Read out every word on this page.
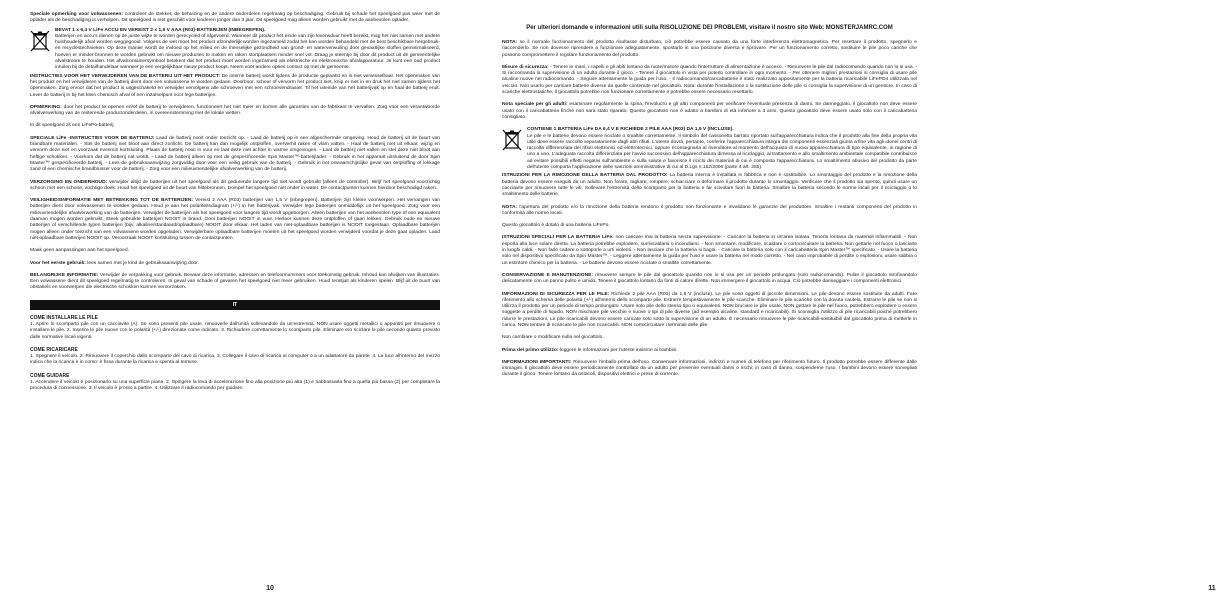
Speciale opmerking voor volwassenen: controleer de stekker, de behuizing en de andere onderdelen regelmatig op beschadiging. Gebruik bij schade het speelgoed pas weer met de oplader als de beschadiging is verholpen. Dit speelgoed is niet geschikt voor kinderen jonger dan 3 jaar. Dit speelgoed mag alleen worden gebruikt met de aanbevolen oplader.

BEVAT 1 x 6,4 V LiFe ACCU EN VEREIST 2 x 1,5 V AAA (R03)-BATTERIJEN (INBEGREPEN).

Batterijen en accu's dienen op de juiste wijze te worden gerecycled of afgevoerd. Wanneer dit product het einde van zijn levensduur heeft bereikt, mag het niet samen met andere huishoudelijk afval worden weggegooid. Volgens de wet moet het product afzonderlijk worden ingezameld zodat het kan worden behandeld met de best beschikbare hergebruik- en recyclestechnieken. Op deze manier wordt de invloed op het milieu en de menselijke gezondheid van grond- en waterverwuiling door gevaarlijke stoffen geminimaliseerd, hoeven er minder bronnen te worden gebruikt om nieuwe producten te maken en raken stortplaatsen minder snel vol. Draag je steentje bij door dit product uit de gemeentelijke afvalstroom te houden. Het afvalcontainersymbool betekent dat het product moet worden ingezameld als elektrische en elektronische afvalapparatuur. Je kunt een oud product inruilen bij de detailhandelaar wanneer je een vergelijkbaar nieuw product koopt. Neem voor andere opties contact op met de gemeente.

INSTRUCTIES VOOR HET VERWIJDEREN VAN DE BATTERIJ UIT HET PRODUCT: De interne batterij wordt tijdens de productie geplaatst en is niet verwisselbaar. Het openmaken van het product en het verwijderen van de batterij dient door een volwassene te worden gedaan. Doorboor, scheur of vervorm het product niet, knip er niet in en druk het niet samen tijdens het openmaken. Zorg ervoor dat het product is uitgeschakeld en verwijder vervolgens alle schroeven met een schroevendraaier. Til het uiteinde van het batterijvak op en haal de batterij eruit. Lever de batterij in bij het klein chemisch afval of een inzamelpunt voor lege batterijen.

OPMERKING: door het product te openen en/of de batterij te verwijderen, functioneert het niet meer en komen alle garanties van de fabrikant te vervallen. Zorg voor een verantwoorde afvalverwerking van de resterende productonderdelen, in overeenstemming met de lokale wetten.

In dit speelgoed zit een LiFePo-batterij.

SPECIALE LiFe -INSTRUCTIES VOOR DE BATTERIJ: Laad de batterij nooit onder toezicht op. - Laad de batterij op in een afgeschermde omgeving. Houd de batterij uit de buurt van brandbare materialen. - Stel de batterij niet bloot aan direct zonlicht. De batterij kan dan mogelijk ontploffen, oververhit raken of vlam vatten. - Haal de batterij niet uit elkaar, wijzig en vervorm deze niet en voorzaak evenmin kortsluiting. Plaats de batterij nooit in vuur en laat deze niet achter in warme omgevingen. - Laat de batterij niet vallen en stel deze niet bloot aan heftige schokken. - Voorkom dat de batterij nat wordt. - Laad de batterij alleen op met de gespecificeerde Spin Master™-batterijlader. - Gebruik in het apparaat uitsluitend de door Spin Master™ gespecificeerde batterij. - Lees de gebruiksaanwijzing zorgvuldig door voor een veilig gebruik van de batterij. - Gebruik in het onwaarschijnlijke geval van ontploffing of lekkage zand of een chemische brandblusser voor de batterij. - Zorg voor een milieuvriendelijke afvalverwerking van de batterij.

VERZORGING EN ONDERHOUD: verwijder altijd de batterijen uit het speelgoed als dit gedurende langere tijd niet wordt gebruikt (alleen de controller). Wrijf het speelgoed voorzichtig schoon met een schone, vochtige doek. Houd het speelgoed uit de buurt van hittebronnen. Dompel het speelgoed niet onder in water. De contactpunten kunnen hierdoor beschadigd raken.

VEILIGHEIDSINFORMATIE MET BETREKKING TOT DE BATTERIJEN: Vereist 2 AAA (R03) batterijen van 1,5 V (inbegrepen). Batterijen zijn kleine voorwerpen. Het vervangen van batterijen dient door volwassenen te worden gedaan. Houd je aan het polariteitsdiagram (+/-) in het batterijvak. Verwijder lege batterijen onmiddellijk uit het speelgoed. Zorg voor een milieuvriendelijke afvalverwerking van de batterijen. Verwijder de batterijen als het speelgoed voor langere tijd wordt opgeborgen. Alleen batterijen van het aanbevolen type of een equivalent daarvan mogen worden gebruikt. Steek gebruikte batterijen NOOIT in brand. Gooi batterijen NOOIT in vuur. Herlaor kunnen deze ontploffen of gaan lekken. Gebruik oude en nieuwe batterijen of verschillende typen batterijen (bijv. alkaline/standaard/oplaadbare) NOOIT door elkaar. Het laden van niet-oplaadbare batterijen is NOOIT toegestaan. Oplaadbare batterijen mogen alleen onder toezicht van een volwassene worden opgeladen. Verwijderbare oplaadbare batterijen moeten uit het speelgoed worden verwijderd voordat je deze gaat opladen. Laad niet-oplaadbare batterijen NOOIT op. Veroorzaak NOOIT kortsluiting tussen de contactpunten.

Maak geen aanpassingen aan het speelgoed.

Voor het eerste gebruik: lees samen met je kind de gebruiksaanwijzing door.

BELANGRIJKE INFORMATIE: Verwijder de verpakking voor gebruik. Bewaar deze informatie, adressen en telefoonnummers voor toekomstig gebruik. Inhoud kan afwijken van illustraties. Een volwassene dient dit speelgoed regelmatig te controleren. In geval van schade of gevaren het speelgoed niet meer gebruiken. Houd teostjuit als kinderen spelen. Blijf uit de buurt van obstakels en voorwerpen die electrische schokken kunnen veroorzaken.

IT
COME INSTALLARE LE PILE

1. Aprire lo scomparto pile con un cacciavite (A). Se sono presenti pile usate, rimuoverle dall'unità sollevandole da un'estremità. NON usare oggetti metallici o appuntiti per rimuovere o installare le pile. 2. Inserire le pile nuove con le polarità (+/-) direzionate come indicato. 3. Richiudere correttamente lo scomparto pile. Eliminare e/o riciclare le pile secondo quanto previsto dalle normative locali vigenti.

COME RICARICARE

1. Spegnere il veicolo. 2. Rimuovere il coperchio dallo scomparto del cavo di ricarica. 3. Collegare il cavo di ricarica al computer o a un adattatore da parete. 4. La luce all'interno del mezzo indica che la ricarica è in corso: è fissa durante la ricarica e spenta al termine.

COME GUIDARE

1. Accendere il veicolo e posizionarlo su una superficie piana. 2. Spingere la leva di accelerazione fino alla posizione più alta (1) e riabbassarla fino a quella più bassa (2) per completare la procedura di connessione. 3. Il veicolo è pronto a partire. 4. Utilizzare il radiocomando per guidare.

10
Per ulteriori domande e informazioni utili sulla RISOLUZIONE DEI PROBLEMI, visitare il nostro sito Web: MONSTERJAMRC.COM

NOTA: se il normale funzionamento del prodotto risultasse disturbato, ciò potrebbe essere causato da una forte interferenza elettromagnetica. Per resettare il prodotto, spegnerlo e riaccenderlo. Se non dovesse riprendere a funzionare adeguatamente, spostarlo in una posizione diversa e riprovare. Per un funzionamento corretto, sostituire le pile poco cariche che possono compromettere il regolare funzionamento del prodotto.

Misure di sicurezza: - Tenere le mani, i capelli e gli abiti lontano da ruote/motore quando l'interruttore di alimentazione è acceso. - Rimuovere le pile dal radiocomando quando non lo si usa. - Si raccomanda la supervisione di un adulto durante il gioco. - Tenere il giocattolo in vista per poterlo controllare in ogni momento. - Per ottenere migliori prestazioni si consiglia di usare pile alcaline nuove nel radiocomando. - Seguire attentamente la guida per l'uso. - Il radiocomando/caricabatterie è stato realizzato appositamente per la batteria ricaricabile LiFePO4 utilizzata nel veicolo. Non usarlo per caricare batterie diverse da quelle contenute nel giocattolo. Nota: durante l'installazione o la sostituzione delle pile si consiglia la supervisione di un genitore. In caso di scariche elettrostatiche, il giocattolo potrebbe non funzionare correttamente e potrebbe essere necessario resettarlo.

Nota speciale per gli adulti: esaminare regolarmente la spina, l'involucro e gli altri componenti per verificare l'eventuale presenza di danni. Se danneggiato, il giocattolo non deve essere usato con il caricabatteria finché non sarà stato riparato. Questo giocattolo non è adatto a bambini di età inferiore a 3 anni. Questo giocattolo deve essere usato solo con il caricabatteria consigliato.

CONTIENE 1 BATTERIA LiFe DA 6,4 V E RICHIEDE 2 PILE AAA (R03) DA 1,5 V (INCLUSE).

Le pile e le batterie devono essere riciclate o smaltite correttamente. Il simbolo del cassonetto barrato riportato sull'apparecchiatura indica che il prodotto alla fine della propria vita utile deve essere raccolto separatamente dagli altri rifiuti. L'utente dovrà, pertanto, conferire l'apparecchiatura integra dei componenti essenziali giunta a fine vita agli idonei centri di raccolta differenziata dei rifiuti elettronici ed elettrotecnici, oppure riconsegnarla al rivenditore al momento dell'acquisto di nuova apparecchiatura di tipo equivalente, in ragione di uno a uno. L'adeguata raccolta differenziata per l'avvio successivo dell'apparecchiatura dimessa al riciclaggio, al trattamento e allo smaltimento ambientale compatibile contribuisce ad evitare possibili effetti negativi sull'ambiente e sulla salute e favorisce il riciclo dei materiali di cui è composta l'apparecchiatura. Lo smaltimento abusivo del prodotto da parte dell'utente comporta l'applicazione delle sanzioni amministrative di cui al D.Lgs n.152/2006 (parte 4 art. 255).

ISTRUZIONI PER LA RIMOZIONE DELLA BATTERIA DAL PRODOTTO: La batteria interna è installata in fabbrica e non è sostituibile. Lo smontaggio del prodotto e la rimozione della batteria devono essere eseguiti da un adulto. Non forare, tagliare, rompere, schiacciare o deformare il prodotto durante lo smontaggio. Verificare che il prodotto sia spento, quindi usare un cacciavite per rimuovere tutte le viti. Sollevare l'estremità dello scomparto per la batteria e far scivolare fuori la batteria. Smaltire la batteria secondo le norme locali per il riciclaggio o lo smaltimento delle batterie.

NOTA: l'apertura del prodotto e/o la rimozione della batteria rendono il prodotto non funzionante e invalidano le garanzie del produttore. Smaltire i restanti componenti del prodotto in conformità alle norme locali.

Questo giocattolo è dotato di una batteria LiFePo.

ISTRUZIONI SPECIALI PER LA BATTERIA LiFe: non caricare mai la batteria senza supervisione. - Caricare la batteria in un'area isolata. Tenerla lontana da materiali infiammabili. - Non esporla alla luce solare diretta. La batteria potrebbe esplodere, surriscaldarsi o incendiarsi. - Non smontare, modificare, scaldare o cortocircuitare la batteria. Non gettarle nel fuoco o lasciarle in luoghi caldi. - Non farle cadere o sottoporle a urti violenti. - Non lasciare che la batteria si bagni. - Caricare la batteria solo con il caricabatteria Spin Master™ specificato. - Usare la batteria solo nel dispositivo specificato da Spin Master™. - Leggere attentamente la guida per l'uso e usare la batteria nel modo corretto. - Nel caso improbabile di perdite o esplosioni, usare sabbia o un estintore chimico per la batteria. - Le batterie devono essere riciclate o smaltite correttamente.

CONSERVAZIONE E MANUTENZIONE: rimuovere sempre le pile dal giocattolo quando non lo si usa per un periodo prolungato (solo radiocomando). Pulire il giocattolo strofinandolo delicatamente con un panno pulito e umido. Tenere il giocattolo lontano da fonti di calore dirette. Non immergere il giocattolo in acqua. Ciò potrebbe danneggiare i componenti elettronici.

INFORMAZIONI DI SICUREZZA PER LE PILE: Richiede 2 pile AAA (R03) da 1,5 V (incluse). Le pile sono oggetti di piccole dimensioni. Le pile devono essere sostituite da adulti. Fare riferimento allo schema delle polarità (+/-) all'interno dello scomparto pile. Estrarre tempestivamente le pile scariche. Eliminare le pile scariche con la dovuta cautela. Estrarre le pile se non si utilizza il prodotto per un periodo di tempo prolungato. Usare solo pile dello stesso tipo o equivalenti. NON bruciare le pile usate. NON gettare le pile nel fuoco, potrebbero esplodere o essere soggette a perdite di liquido. NON mischiare pile vecchie e nuove o tipi di pile diverse (ad esempio alcaline, standard e ricaricabili). Si sconsiglia l'utilizzo di pile ricaricabili poiché potrebbero ridurre le prestazioni. Le pile ricaricabili devono essere caricate solo sotto la supervisione di un adulto. È necessario rimuovere le pile ricaricabili-sostituibili dal giocattolo prima di metterle in carica. NON tentare di ricaricare le pile non ricaricabili. NON cortocircuitare i terminali delle pile.

Non cambiare o modificare nulla nel giocattolo.

Prima del primo utilizzo: leggere le informazioni per l'utente insieme ai bambini.

INFORMAZIONI IMPORTANTI: Rimuovere l'imballo prima dell'uso. Conservare informazioni, indirizzi e numeri di telefono per riferimento futuro. Il prodotto potrebbe essere differente dalle immagini. Il giocattolo deve essere periodicamente controllato da un adulto per prevenire eventuali danni o rischi; in caso di danno, sospenderne l'uso. I bambini devono essere sorvegliati durante il gioco. Tenere lontano da ostacoli, dispositivi elettrici e prese di corrente.

11
